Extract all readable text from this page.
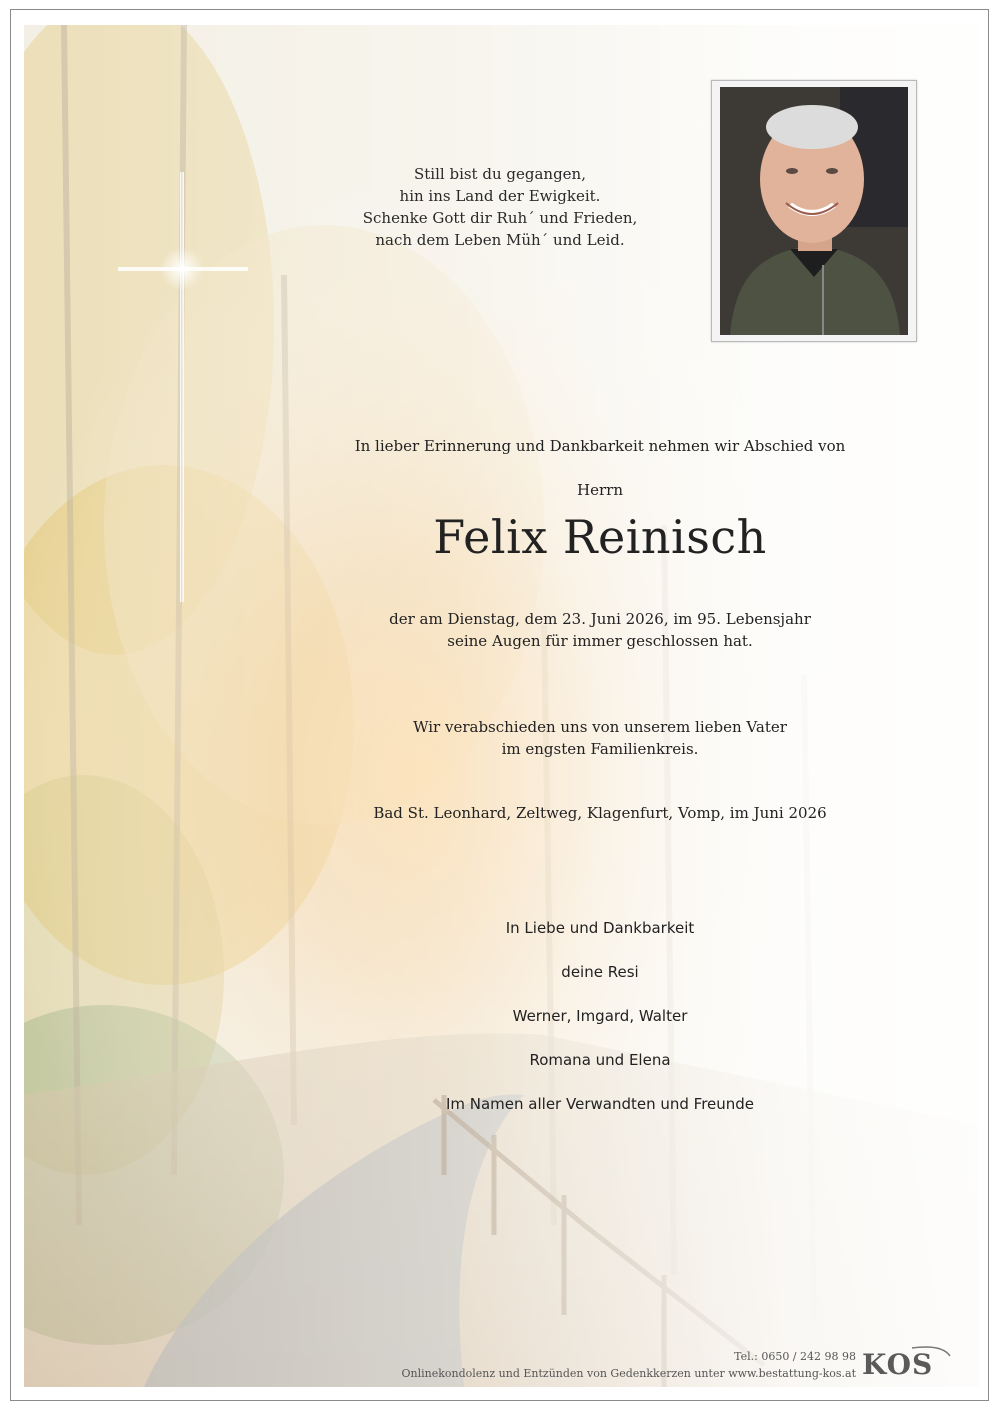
Still bist du gegangen,
hin ins Land der Ewigkeit.
Schenke Gott dir Ruh´ und Frieden,
nach dem Leben Müh´ und Leid.
In lieber Erinnerung und Dankbarkeit nehmen wir Abschied von
Herrn
Felix Reinisch
der am Dienstag, dem 23. Juni 2026, im 95. Lebensjahr
seine Augen für immer geschlossen hat.
Wir verabschieden uns von unserem lieben Vater
im engsten Familienkreis.
Bad St. Leonhard, Zeltweg, Klagenfurt, Vomp, im Juni 2026
In Liebe und Dankbarkeit
deine Resi
Werner, Imgard, Walter
Romana und Elena
Im Namen aller Verwandten und Freunde
Tel.: 0650 / 242 98 98
Onlinekondolenz und Entzünden von Gedenkkerzen unter www.bestattung-kos.at KOS
